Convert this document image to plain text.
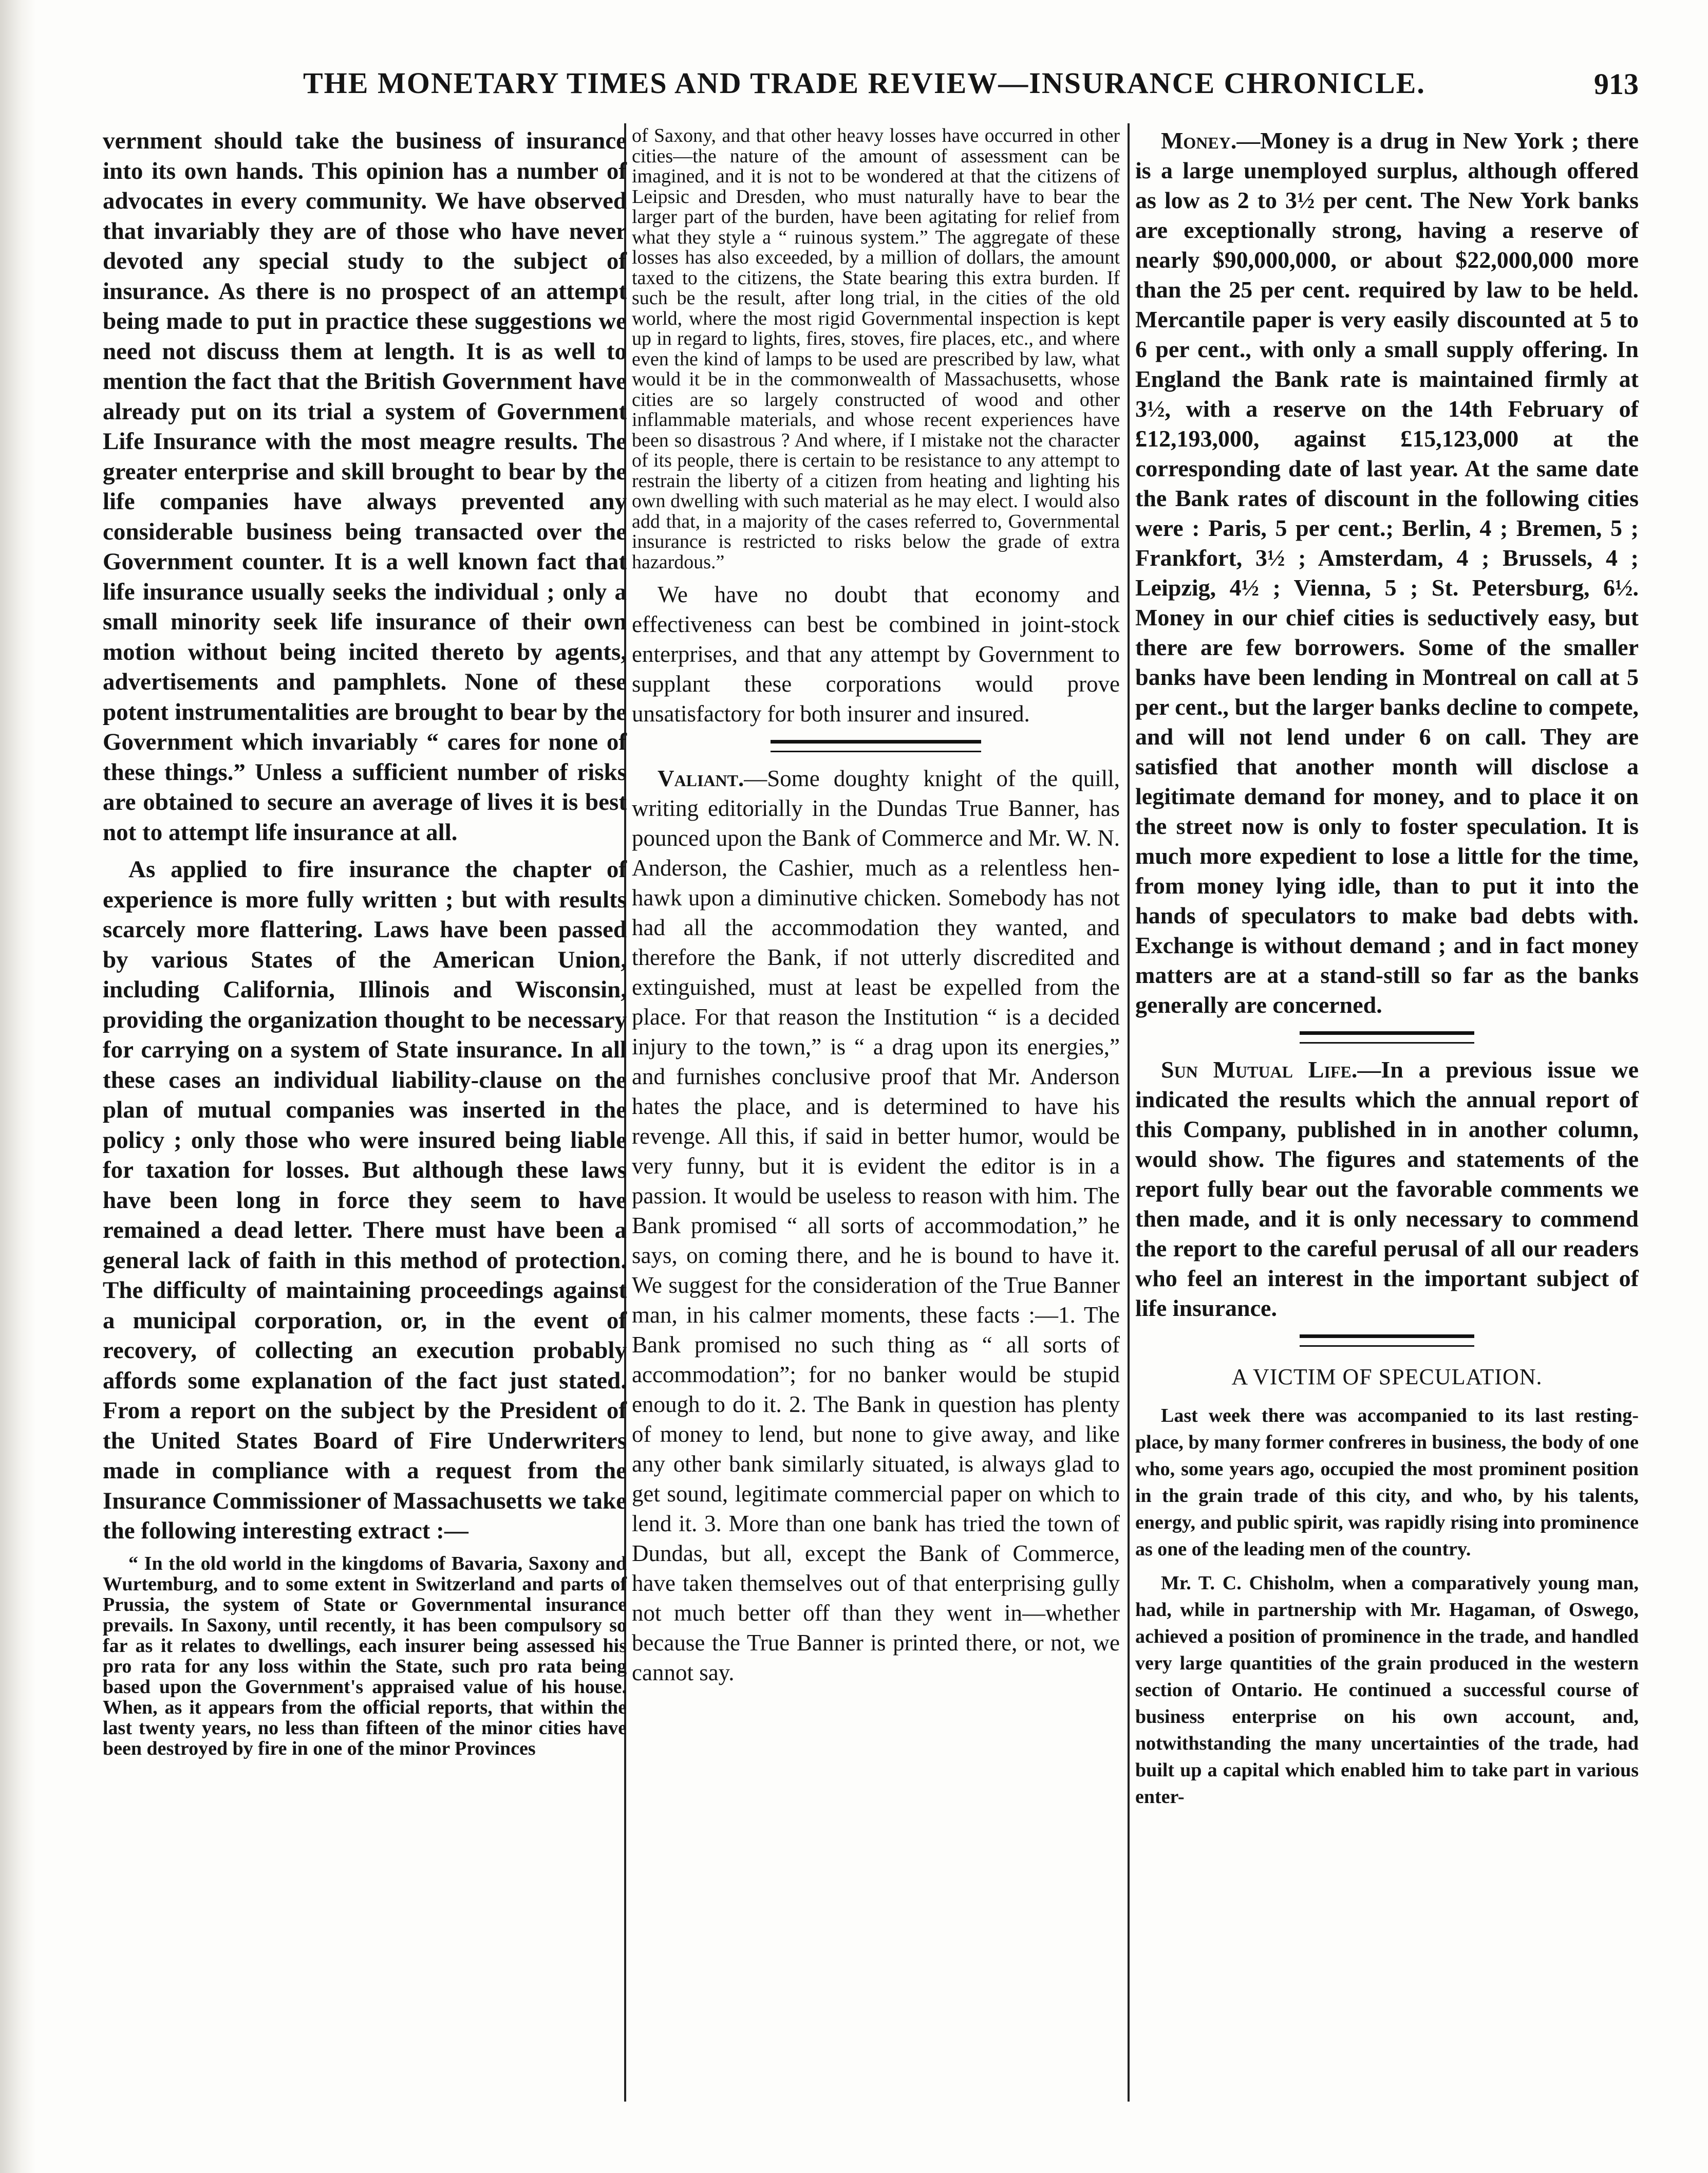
THE MONETARY TIMES AND TRADE REVIEW—INSURANCE CHRONICLE.	913

vernment should take the business of insurance into its own hands. This opinion has a number of advocates in every community. We have observed that invariably they are of those who have never devoted any special study to the subject of insurance. As there is no prospect of an attempt being made to put in practice these suggestions we need not discuss them at length. It is as well to mention the fact that the British Government have already put on its trial a system of Government Life Insurance with the most meagre results. The greater enterprise and skill brought to bear by the life companies have always prevented any considerable business being transacted over the Government counter. It is a well known fact that life insurance usually seeks the individual ; only a small minority seek life insurance of their own motion without being incited thereto by agents, advertisements and pamphlets. None of these potent instrumentalities are brought to bear by the Government which invariably “ cares for none of these things.” Unless a sufficient number of risks are obtained to secure an average of lives it is best not to attempt life insurance at all.

As applied to fire insurance the chapter of experience is more fully written ; but with results scarcely more flattering. Laws have been passed by various States of the American Union, including California, Illinois and Wisconsin, providing the organization thought to be necessary for carrying on a system of State insurance. In all these cases an individual liability-clause on the plan of mutual companies was inserted in the policy ; only those who were insured being liable for taxation for losses. But although these laws have been long in force they seem to have remained a dead letter. There must have been a general lack of faith in this method of protection. The difficulty of maintaining proceedings against a municipal corporation, or, in the event of recovery, of collecting an execution probably affords some explanation of the fact just stated. From a report on the subject by the President of the United States Board of Fire Underwriters made in compliance with a request from the Insurance Commissioner of Massachusetts we take the following interesting extract :—

“ In the old world in the kingdoms of Bavaria, Saxony and Wurtemburg, and to some extent in Switzerland and parts of Prussia, the system of State or Governmental insurance prevails. In Saxony, until recently, it has been compulsory so far as it relates to dwellings, each insurer being assessed his pro rata for any loss within the State, such pro rata being based upon the Government's appraised value of his house. When, as it appears from the official reports, that within the last twenty years, no less than fifteen of the minor cities have been destroyed by fire in one of the minor Provinces

of Saxony, and that other heavy losses have occurred in other cities—the nature of the amount of assessment can be imagined, and it is not to be wondered at that the citizens of Leipsic and Dresden, who must naturally have to bear the larger part of the burden, have been agitating for relief from what they style a “ ruinous system.” The aggregate of these losses has also exceeded, by a million of dollars, the amount taxed to the citizens, the State bearing this extra burden. If such be the result, after long trial, in the cities of the old world, where the most rigid Governmental inspection is kept up in regard to lights, fires, stoves, fire places, etc., and where even the kind of lamps to be used are prescribed by law, what would it be in the commonwealth of Massachusetts, whose cities are so largely constructed of wood and other inflammable materials, and whose recent experiences have been so disastrous ? And where, if I mistake not the character of its people, there is certain to be resistance to any attempt to restrain the liberty of a citizen from heating and lighting his own dwelling with such material as he may elect. I would also add that, in a majority of the cases referred to, Governmental insurance is restricted to risks below the grade of extra hazardous.”

We have no doubt that economy and effectiveness can best be combined in joint-stock enterprises, and that any attempt by Government to supplant these corporations would prove unsatisfactory for both insurer and insured.

Valiant.—Some doughty knight of the quill, writing editorially in the Dundas True Banner, has pounced upon the Bank of Commerce and Mr. W. N. Anderson, the Cashier, much as a relentless hen-hawk upon a diminutive chicken. Somebody has not had all the accommodation they wanted, and therefore the Bank, if not utterly discredited and extinguished, must at least be expelled from the place. For that reason the Institution “ is a decided injury to the town,” is “ a drag upon its energies,” and furnishes conclusive proof that Mr. Anderson hates the place, and is determined to have his revenge. All this, if said in better humor, would be very funny, but it is evident the editor is in a passion. It would be useless to reason with him. The Bank promised “ all sorts of accommodation,” he says, on coming there, and he is bound to have it. We suggest for the consideration of the True Banner man, in his calmer moments, these facts :—1. The Bank promised no such thing as “ all sorts of accommodation”; for no banker would be stupid enough to do it. 2. The Bank in question has plenty of money to lend, but none to give away, and like any other bank similarly situated, is always glad to get sound, legitimate commercial paper on which to lend it. 3. More than one bank has tried the town of Dundas, but all, except the Bank of Commerce, have taken themselves out of that enterprising gully not much better off than they went in—whether because the True Banner is printed there, or not, we cannot say.

Money.—Money is a drug in New York ; there is a large unemployed surplus, although offered as low as 2 to 3½ per cent. The New York banks are exceptionally strong, having a reserve of nearly $90,000,000, or about $22,000,000 more than the 25 per cent. required by law to be held. Mercantile paper is very easily discounted at 5 to 6 per cent., with only a small supply offering. In England the Bank rate is maintained firmly at 3½, with a reserve on the 14th February of £12,193,000, against £15,123,000 at the corresponding date of last year. At the same date the Bank rates of discount in the following cities were : Paris, 5 per cent.; Berlin, 4 ; Bremen, 5 ; Frankfort, 3½ ; Amsterdam, 4 ; Brussels, 4 ; Leipzig, 4½ ; Vienna, 5 ; St. Petersburg, 6½. Money in our chief cities is seductively easy, but there are few borrowers. Some of the smaller banks have been lending in Montreal on call at 5 per cent., but the larger banks decline to compete, and will not lend under 6 on call. They are satisfied that another month will disclose a legitimate demand for money, and to place it on the street now is only to foster speculation. It is much more expedient to lose a little for the time, from money lying idle, than to put it into the hands of speculators to make bad debts with. Exchange is without demand ; and in fact money matters are at a stand-still so far as the banks generally are concerned.

Sun Mutual Life.—In a previous issue we indicated the results which the annual report of this Company, published in in another column, would show. The figures and statements of the report fully bear out the favorable comments we then made, and it is only necessary to commend the report to the careful perusal of all our readers who feel an interest in the important subject of life insurance.

A VICTIM OF SPECULATION.

Last week there was accompanied to its last resting-place, by many former confreres in business, the body of one who, some years ago, occupied the most prominent position in the grain trade of this city, and who, by his talents, energy, and public spirit, was rapidly rising into prominence as one of the leading men of the country.

Mr. T. C. Chisholm, when a comparatively young man, had, while in partnership with Mr. Hagaman, of Oswego, achieved a position of prominence in the trade, and handled very large quantities of the grain produced in the western section of Ontario. He continued a successful course of business enterprise on his own account, and, notwithstanding the many uncertainties of the trade, had built up a capital which enabled him to take part in various enter-
